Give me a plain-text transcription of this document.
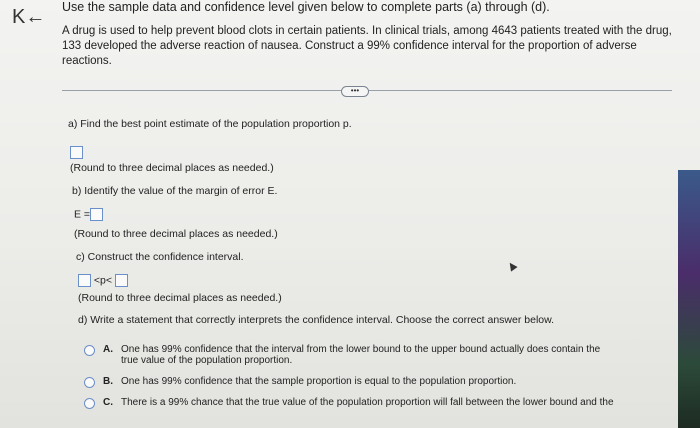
K← Use the sample data and confidence level given below to complete parts (a) through (d).
A drug is used to help prevent blood clots in certain patients. In clinical trials, among 4643 patients treated with the drug,
133 developed the adverse reaction of nausea. Construct a 99% confidence interval for the proportion of adverse
reactions.
•••
a) Find the best point estimate of the population proportion p.
(Round to three decimal places as needed.)
b) Identify the value of the margin of error E.
E =
(Round to three decimal places as needed.)
c) Construct the confidence interval.
<p<
(Round to three decimal places as needed.)
d) Write a statement that correctly interprets the confidence interval. Choose the correct answer below.
A. One has 99% confidence that the interval from the lower bound to the upper bound actually does contain the
true value of the population proportion.
B. One has 99% confidence that the sample proportion is equal to the population proportion.
C. There is a 99% chance that the true value of the population proportion will fall between the lower bound and the
